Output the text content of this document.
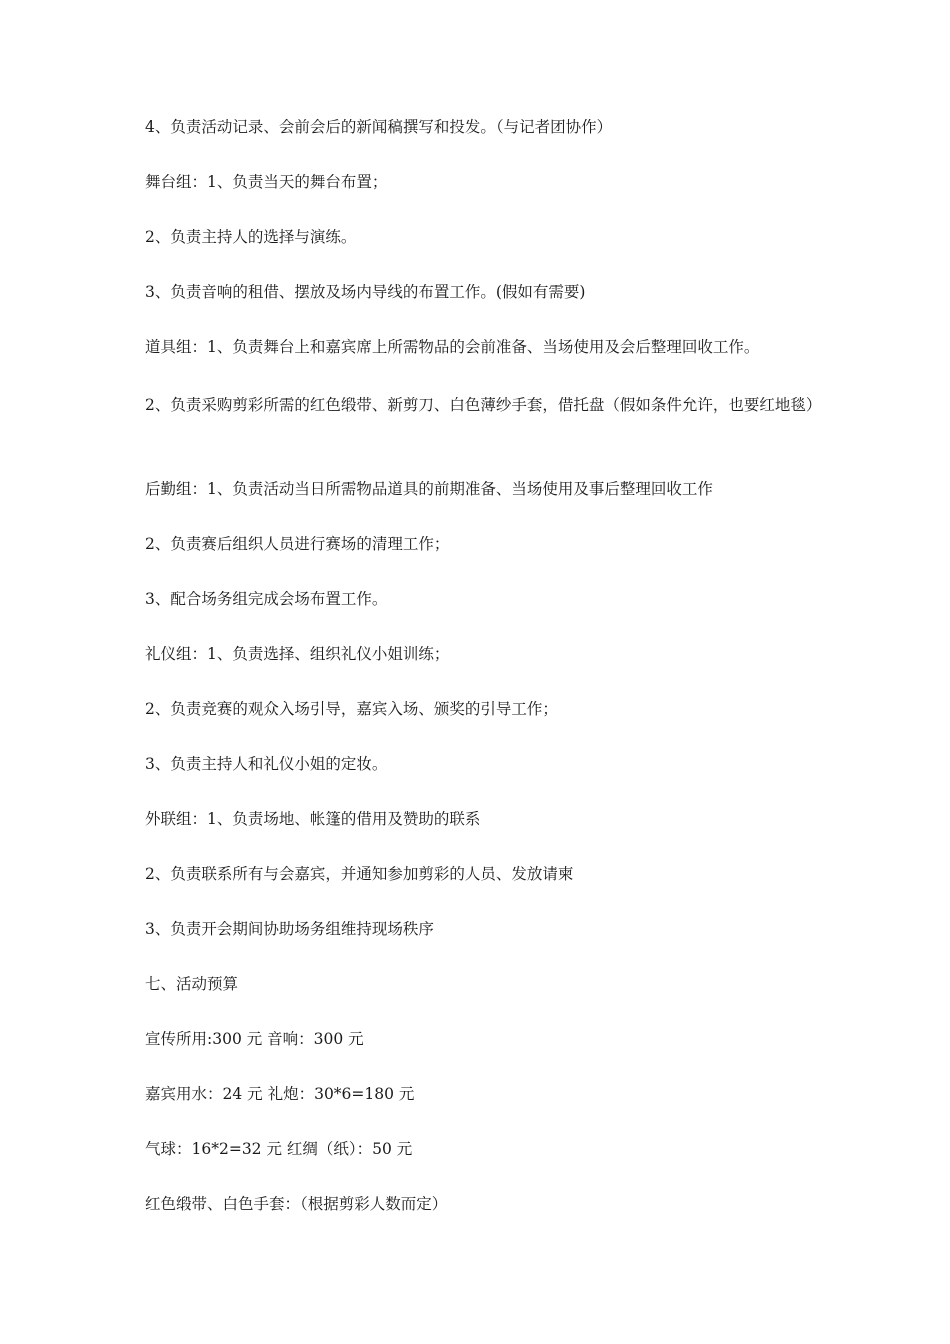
4、负责活动记录、会前会后的新闻稿撰写和投发。（与记者团协作）

舞台组：1、负责当天的舞台布置；

2、负责主持人的选择与演练。

3、负责音响的租借、摆放及场内导线的布置工作。(假如有需要)

道具组：1、负责舞台上和嘉宾席上所需物品的会前准备、当场使用及会后整理回收工作。

2、负责采购剪彩所需的红色缎带、新剪刀、白色薄纱手套，借托盘（假如条件允许，也要红地毯）

后勤组：1、负责活动当日所需物品道具的前期准备、当场使用及事后整理回收工作

2、负责赛后组织人员进行赛场的清理工作；

3、配合场务组完成会场布置工作。

礼仪组：1、负责选择、组织礼仪小姐训练；

2、负责竞赛的观众入场引导，嘉宾入场、颁奖的引导工作；

3、负责主持人和礼仪小姐的定妆。

外联组：1、负责场地、帐篷的借用及赞助的联系

2、负责联系所有与会嘉宾，并通知参加剪彩的人员、发放请柬

3、负责开会期间协助场务组维持现场秩序

七、活动预算

宣传所用:300 元 音响：300 元

嘉宾用水：24 元 礼炮：30*6=180 元

气球：16*2=32 元 红绸（纸）：50 元

红色缎带、白色手套：（根据剪彩人数而定）
